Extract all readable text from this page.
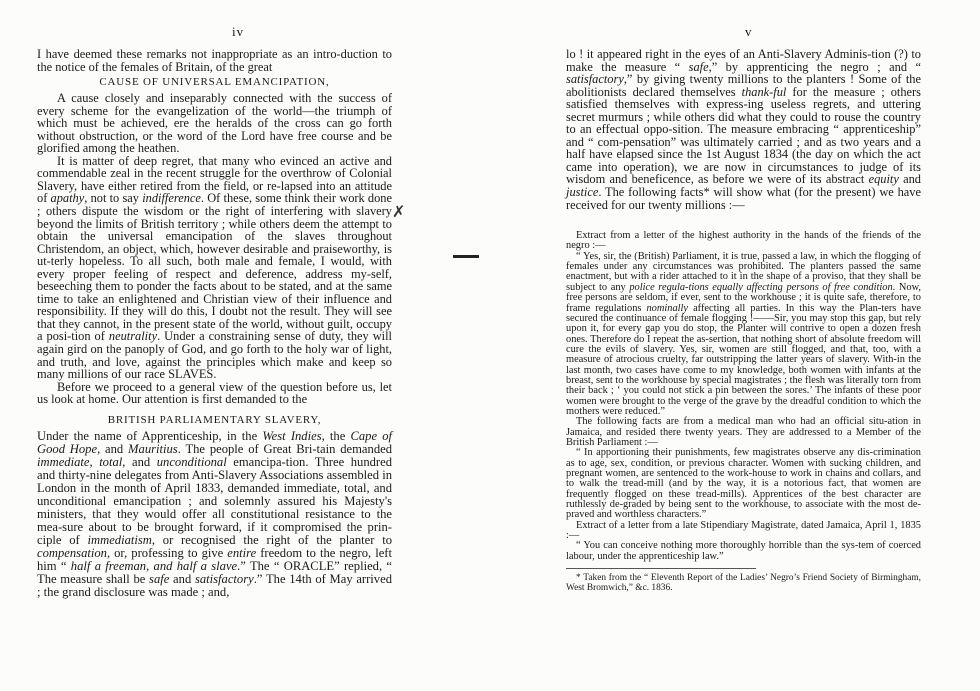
iv

I have deemed these remarks not inappropriate as an intro-duction to the notice of the females of Britain, of the great

CAUSE OF UNIVERSAL EMANCIPATION,

A cause closely and inseparably connected with the success of every scheme for the evangelization of the world—the triumph of which must be achieved, ere the heralds of the cross can go forth without obstruction, or the word of the Lord have free course and be glorified among the heathen.

It is matter of deep regret, that many who evinced an active and commendable zeal in the recent struggle for the overthrow of Colonial Slavery, have either retired from the field, or re-lapsed into an attitude of apathy, not to say indifference. Of these, some think their work done ; others dispute the wisdom or the right of interfering with slavery beyond the limits of British territory ; while others deem the attempt to obtain the universal emancipation of the slaves throughout Christendom, an object, which, however desirable and praiseworthy, is ut-terly hopeless. To all such, both male and female, I would, with every proper feeling of respect and deference, address my-self, beseeching them to ponder the facts about to be stated, and at the same time to take an enlightened and Christian view of their influence and responsibility. If they will do this, I doubt not the result. They will see that they cannot, in the present state of the world, without guilt, occupy a posi-tion of neutrality. Under a constraining sense of duty, they will again gird on the panoply of God, and go forth to the holy war of light, and truth, and love, against the principles which make and keep so many millions of our race SLAVES.

Before we proceed to a general view of the question before us, let us look at home. Our attention is first demanded to the

BRITISH PARLIAMENTARY SLAVERY,

Under the name of Apprenticeship, in the West Indies, the Cape of Good Hope, and Mauritius. The people of Great Bri-tain demanded immediate, total, and unconditional emancipa-tion. Three hundred and thirty-nine delegates from Anti-Slavery Associations assembled in London in the month of April 1833, demanded immediate, total, and unconditional emancipation ; and solemnly assured his Majesty's ministers, that they would offer all constitutional resistance to the mea-sure about to be brought forward, if it compromised the prin-ciple of immediatism, or recognised the right of the planter to compensation, or, professing to give entire freedom to the negro, left him “ half a freeman, and half a slave.” The “ ORACLE” replied, “ The measure shall be safe and satisfactory.” The 14th of May arrived ; the grand disclosure was made ; and,

✗
v

lo ! it appeared right in the eyes of an Anti-Slavery Adminis-tion (?) to make the measure “ safe,” by apprenticing the negro ; and “ satisfactory,” by giving twenty millions to the planters ! Some of the abolitionists declared themselves thank-ful for the measure ; others satisfied themselves with express-ing useless regrets, and uttering secret murmurs ; while others did what they could to rouse the country to an effectual oppo-sition. The measure embracing “ apprenticeship” and “ com-pensation” was ultimately carried ; and as two years and a half have elapsed since the 1st August 1834 (the day on which the act came into operation), we are now in circumstances to judge of its wisdom and beneficence, as before we were of its abstract equity and justice. The following facts* will show what (for the present) we have received for our twenty millions :—

Extract from a letter of the highest authority in the hands of the friends of the negro :—

“ Yes, sir, the (British) Parliament, it is true, passed a law, in which the flogging of females under any circumstances was prohibited. The planters passed the same enactment, but with a rider attached to it in the shape of a proviso, that they shall be subject to any police regula-tions equally affecting persons of free condition. Now, free persons are seldom, if ever, sent to the workhouse ; it is quite safe, therefore, to frame regulations nominally affecting all parties. In this way the Plan-ters have secured the continuance of female flogging !——Sir, you may stop this gap, but rely upon it, for every gap you do stop, the Planter will contrive to open a dozen fresh ones. Therefore do I repeat the as-sertion, that nothing short of absolute freedom will cure the evils of slavery. Yes, sir, women are still flogged, and that, too, with a measure of atrocious cruelty, far outstripping the latter years of slavery. With-in the last month, two cases have come to my knowledge, both women with infants at the breast, sent to the workhouse by special magistrates ; the flesh was literally torn from their back ; ‘ you could not stick a pin between the sores.’ The infants of these poor women were brought to the verge of the grave by the dreadful condition to which the mothers were reduced.”

The following facts are from a medical man who had an official situ-ation in Jamaica, and resided there twenty years. They are addressed to a Member of the British Parliament :—

“ In apportioning their punishments, few magistrates observe any dis-crimination as to age, sex, condition, or previous character. Women with sucking children, and pregnant women, are sentenced to the work-house to work in chains and collars, and to walk the tread-mill (and by the way, it is a notorious fact, that women are frequently flogged on these tread-mills). Apprentices of the best character are ruthlessly de-graded by being sent to the workhouse, to associate with the most de-praved and worthless characters.”

Extract of a letter from a late Stipendiary Magistrate, dated Jamaica, April 1, 1835 :—

“ You can conceive nothing more thoroughly horrible than the sys-tem of coerced labour, under the apprenticeship law.”

* Taken from the “ Eleventh Report of the Ladies’ Negro’s Friend Society of Birmingham, West Bromwich,” &c. 1836.
